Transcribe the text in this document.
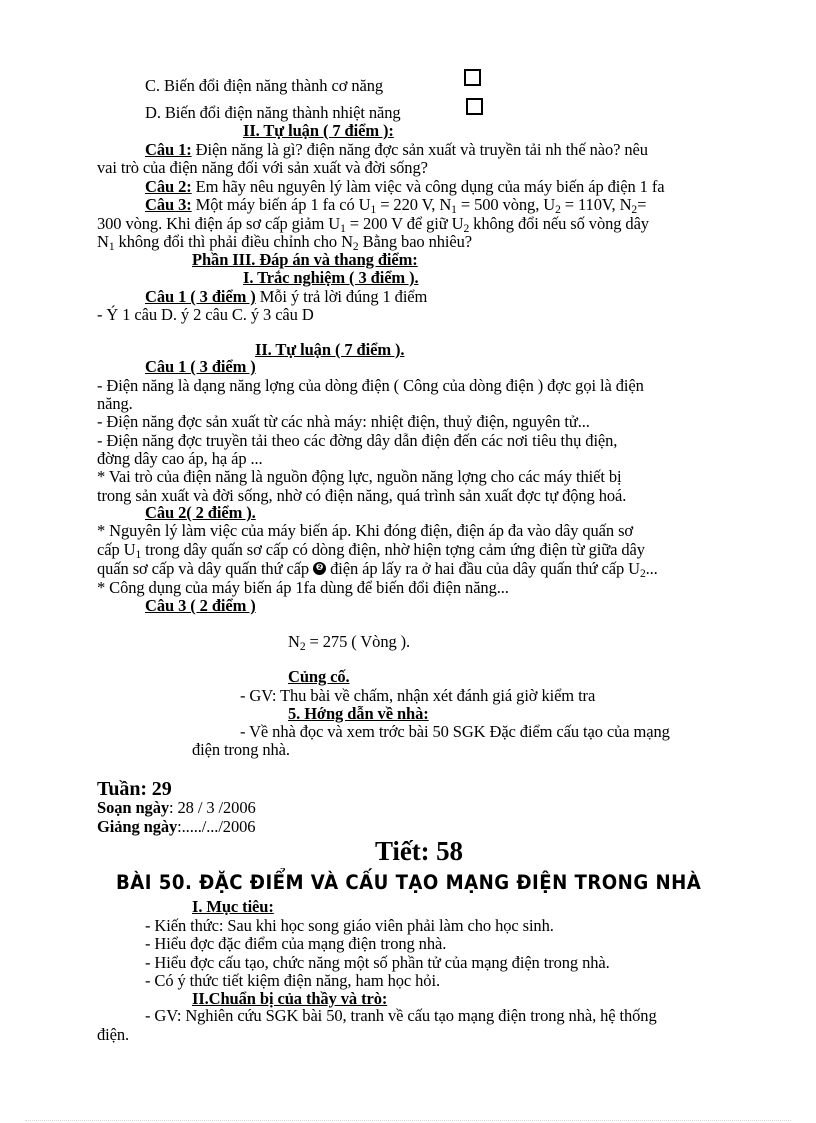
C. Biến đổi điện năng thành cơ năng
D. Biến đổi điện năng thành nhiệt năng
II. Tự luận ( 7 điểm ):
Câu 1: Điện năng là gì? điện năng đợc sản xuất và truyền tải nh thế nào? nêu
vai trò của điện năng đối với sản xuất và đời sống?
Câu 2: Em hãy nêu nguyên lý làm việc và công dụng của máy biến áp điện 1 fa
Câu 3: Một máy biến áp 1 fa có $U_1 = 220$ V, $N_1 = 500$ vòng, $U_2 = 110V$, $N_2=$
300 vòng. Khi điện áp sơ cấp giảm $U_1 = 200$ V để giữ $U_2$ không đổi nếu số vòng dây
$N_1$ không đổi thì phải điều chỉnh cho $N_2$ Bằng bao nhiêu?
Phần III. Đáp án và thang điểm:
I. Trắc nghiệm ( 3 điểm ).
Câu 1 ( 3 điểm ) Mỗi ý trả lời đúng 1 điểm
- Ý 1 câu D. ý 2 câu C. ý 3 câu D
II. Tự luận ( 7 điểm ).
Câu 1 ( 3 điểm )
- Điện năng là dạng năng lợng của dòng điện ( Công của dòng điện ) đợc gọi là điện
năng.
- Điện năng đợc sản xuất từ các nhà máy: nhiệt điện, thuỷ điện, nguyên tử...
- Điện năng đợc truyền tải theo các đờng dây dẫn điện đến các nơi tiêu thụ điện,
đờng dây cao áp, hạ áp ...
* Vai trò của điện năng là nguồn động lực, nguồn năng lợng cho các máy thiết bị
trong sản xuất và đời sống, nhờ có điện năng, quá trình sản xuất đợc tự động hoá.
Câu 2( 2 điểm ).
* Nguyên lý làm việc của máy biến áp. Khi đóng điện, điện áp đa vào dây quấn sơ
cấp $U_1$ trong dây quấn sơ cấp có dòng điện, nhờ hiện tợng cảm ứng điện từ giữa dây
quấn sơ cấp và dây quấn thứ cấp ❷ điện áp lấy ra ở hai đầu của dây quấn thứ cấp $U_2$...
* Công dụng của máy biến áp 1fa dùng để biến đổi điện năng...
Câu 3 ( 2 điểm )
$N_2 = 275$ ( Vòng ).
Củng cố.
- GV: Thu bài về chấm, nhận xét đánh giá giờ kiểm tra
5. Hớng dẫn về nhà:
- Về nhà đọc và xem trớc bài 50 SGK Đặc điểm cấu tạo của mạng
điện trong nhà.
Tuần: 29
Soạn ngày: 28 / 3 /2006
Giảng ngày:...../.../2006
Tiết: 58
BÀI 50. ĐẶC ĐIỂM VÀ CẤU TẠO MẠNG ĐIỆN TRONG NHÀ
I. Mục tiêu:
- Kiến thức: Sau khi học song giáo viên phải làm cho học sinh.
- Hiểu đợc đặc điểm của mạng điện trong nhà.
- Hiểu đợc cấu tạo, chức năng một số phần tử của mạng điện trong nhà.
- Có ý thức tiết kiệm điện năng, ham học hỏi.
II.Chuẩn bị của thầy và trò:
- GV: Nghiên cứu SGK bài 50, tranh về cấu tạo mạng điện trong nhà, hệ thống
điện.
